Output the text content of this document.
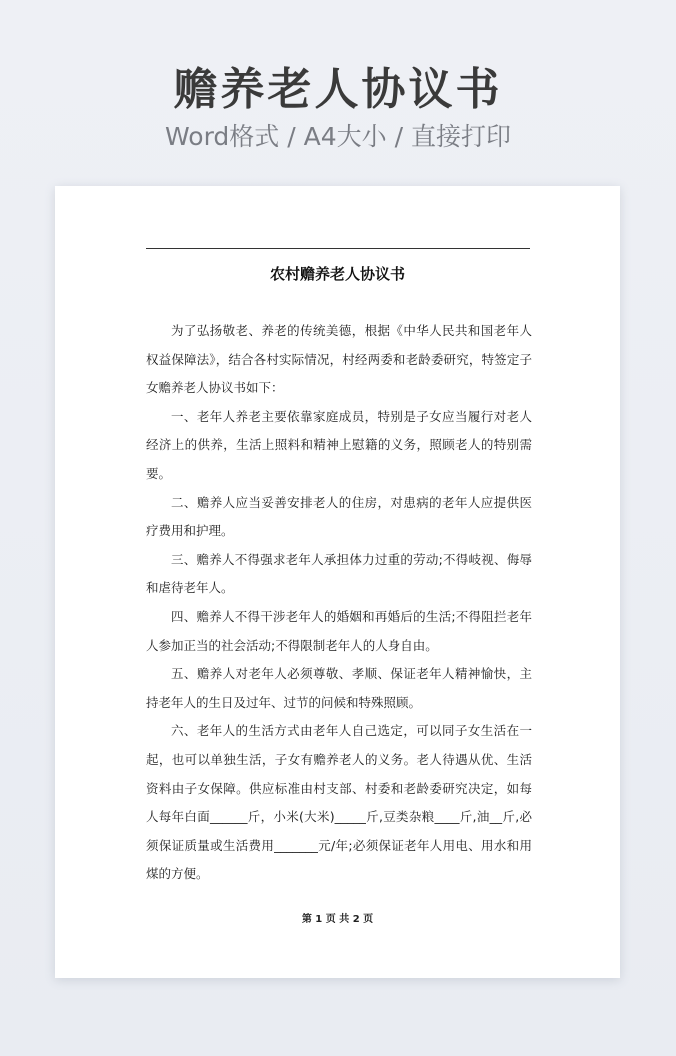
赡养老人协议书
Word格式 / A4大小 / 直接打印
农村赡养老人协议书

为了弘扬敬老、养老的传统美德，根据《中华人民共和国老年人权益保障法》，结合各村实际情况，村经两委和老龄委研究，特签定子女赡养老人协议书如下：

一、老年人养老主要依靠家庭成员，特别是子女应当履行对老人经济上的供养，生活上照料和精神上慰籍的义务，照顾老人的特别需要。

二、赡养人应当妥善安排老人的住房，对患病的老年人应提供医疗费用和护理。

三、赡养人不得强求老年人承担体力过重的劳动;不得岐视、侮辱和虐待老年人。

四、赡养人不得干涉老年人的婚姻和再婚后的生活;不得阻拦老年人参加正当的社会活动;不得限制老年人的人身自由。

五、赡养人对老年人必须尊敬、孝顺、保证老年人精神愉快，主持老年人的生日及过年、过节的问候和特殊照顾。

六、老年人的生活方式由老年人自己选定，可以同子女生活在一起，也可以单独生活，子女有赡养老人的义务。老人待遇从优、生活资料由子女保障。供应标准由村支部、村委和老龄委研究决定，如每人每年白面______斤，小米(大米)_____斤,豆类杂粮____斤,油__斤,必须保证质量或生活费用_______元/年;必须保证老年人用电、用水和用煤的方便。

第 1 页 共 2 页
